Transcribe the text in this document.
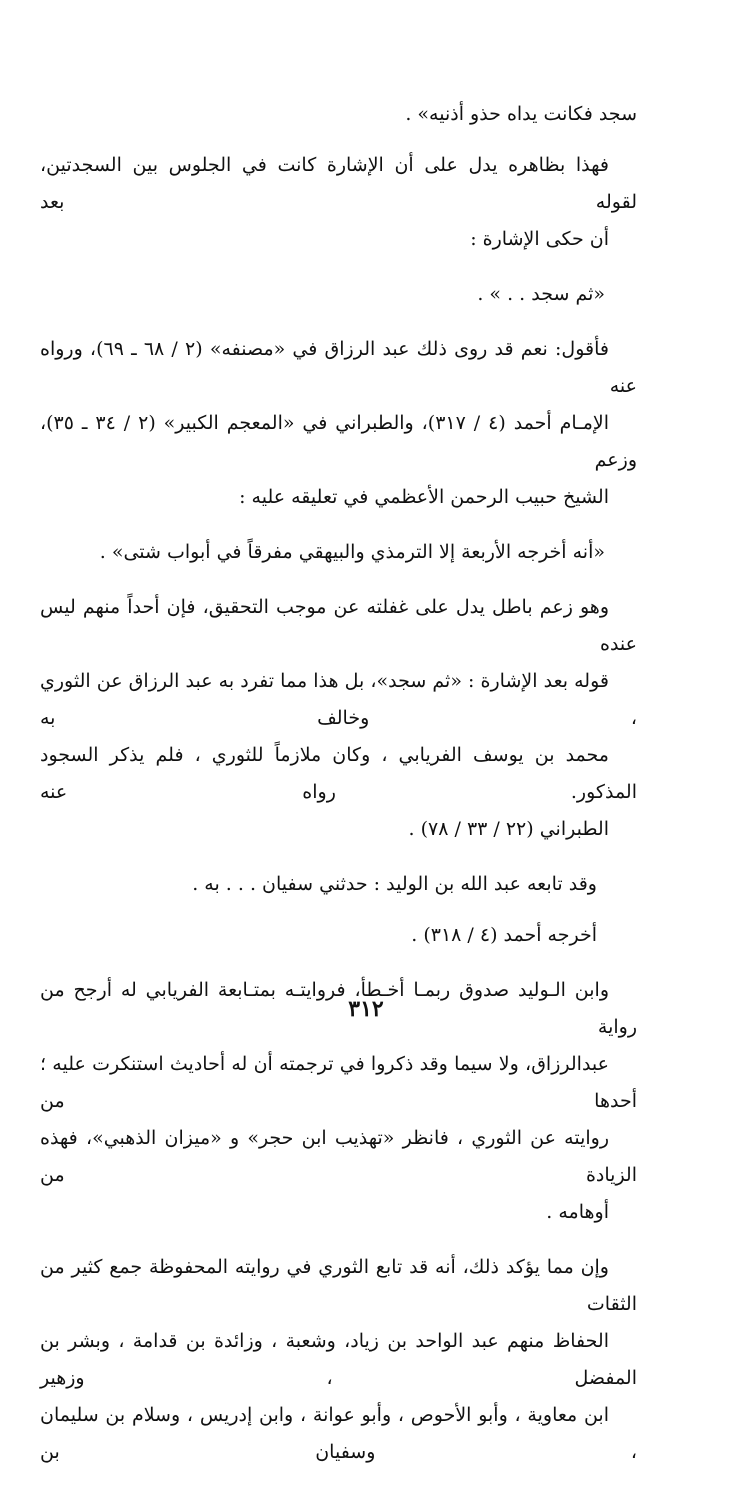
سجد فكانت يداه حذو أذنيه» .

فهذا بظاهره يدل على أن الإشارة كانت في الجلوس بين السجدتين، لقوله بعد
أن حكى الإشارة :

«ثم سجد . . » .

فأقول: نعم قد روى ذلك عبد الرزاق في «مصنفه» (٢ / ٦٨ ـ ٦٩)، ورواه عنه
الإمـام أحمد (٤ / ٣١٧)، والطبراني في «المعجم الكبير» (٢ / ٣٤ ـ ٣٥)، وزعم
الشيخ حبيب الرحمن الأعظمي في تعليقه عليه :

«أنه أخرجه الأربعة إلا الترمذي والبيهقي مفرقاً في أبواب شتى» .

وهو زعم باطل يدل على غفلته عن موجب التحقيق، فإن أحداً منهم ليس عنده
قوله بعد الإشارة : «ثم سجد»، بل هذا مما تفرد به عبد الرزاق عن الثوري ، وخالف به
محمد بن يوسف الفريابي ، وكان ملازماً للثوري ، فلم يذكر السجود المذكور. رواه عنه
الطبراني (٢٢ / ٣٣ / ٧٨) .

وقد تابعه عبد الله بن الوليد : حدثني سفيان . . . به .

أخرجه أحمد (٤ / ٣١٨) .

وابن الـوليد صدوق ربمـا أخـطأ، فروايتـه بمتـابعة الفريابي له أرجح من رواية
عبدالرزاق، ولا سيما وقد ذكروا في ترجمته أن له أحاديث استنكرت عليه ؛ أحدها من
روايته عن الثوري ، فانظر «تهذيب ابن حجر» و «ميزان الذهبي»، فهذه الزيادة من
أوهامه .

وإن مما يؤكد ذلك، أنه قد تابع الثوري في روايته المحفوظة جمع كثير من الثقات
الحفاظ منهم عبد الواحد بن زياد، وشعبة ، وزائدة بن قدامة ، وبشر بن المفضل ، وزهير
ابن معاوية ، وأبو الأحوص ، وأبو عوانة ، وابن إدريس ، وسلام بن سليمان ، وسفيان بن

٣١٢
